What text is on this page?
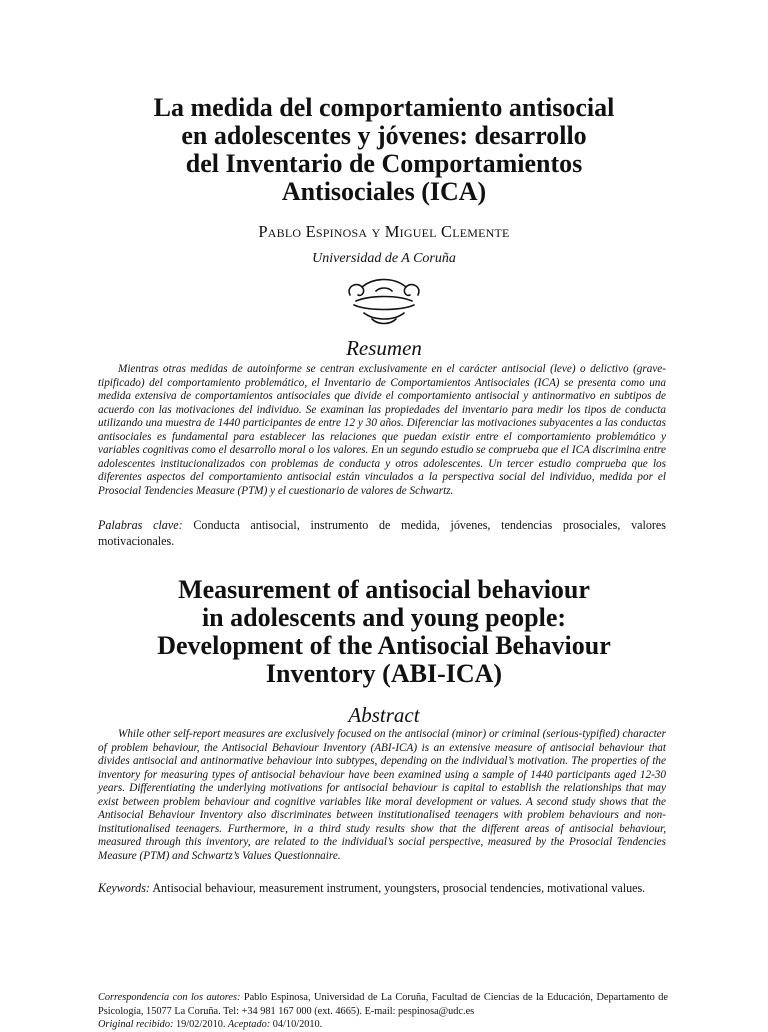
La medida del comportamiento antisocial
en adolescentes y jóvenes: desarrollo
del Inventario de Comportamientos
Antisociales (ICA)
Pablo Espinosa y Miguel Clemente
Universidad de A Coruña
Resumen

Mientras otras medidas de autoinforme se centran exclusivamente en el carácter antisocial (leve) o delictivo (grave-tipificado) del comportamiento problemático, el Inventario de Comportamientos Antisociales (ICA) se presenta como una medida extensiva de comportamientos antisociales que divide el comportamiento antisocial y antinormativo en subtipos de acuerdo con las motivaciones del individuo. Se examinan las propiedades del inventario para medir los tipos de conducta utilizando una muestra de 1440 participantes de entre 12 y 30 años. Diferenciar las motivaciones subyacentes a las conductas antisociales es fundamental para establecer las relaciones que puedan existir entre el comportamiento problemático y variables cognitivas como el desarrollo moral o los valores. En un segundo estudio se comprueba que el ICA discrimina entre adolescentes institucionalizados con problemas de conducta y otros adolescentes. Un tercer estudio comprueba que los diferentes aspectos del comportamiento antisocial están vinculados a la perspectiva social del individuo, medida por el Prosocial Tendencies Measure (PTM) y el cuestionario de valores de Schwartz.

Palabras clave: Conducta antisocial, instrumento de medida, jóvenes, tendencias prosociales, valores motivacionales.

Measurement of antisocial behaviour
in adolescents and young people:
Development of the Antisocial Behaviour
Inventory (ABI-ICA)
Abstract

While other self-report measures are exclusively focused on the antisocial (minor) or criminal (serious-typified) character of problem behaviour, the Antisocial Behaviour Inventory (ABI-ICA) is an extensive measure of antisocial behaviour that divides antisocial and antinormative behaviour into subtypes, depending on the individual’s motivation. The properties of the inventory for measuring types of antisocial behaviour have been examined using a sample of 1440 participants aged 12-30 years. Differentiating the underlying motivations for antisocial behaviour is capital to establish the relationships that may exist between problem behaviour and cognitive variables like moral development or values. A second study shows that the Antisocial Behaviour Inventory also discriminates between institutionalised teenagers with problem behaviours and non-institutionalised teenagers. Furthermore, in a third study results show that the different areas of antisocial behaviour, measured through this inventory, are related to the individual’s social perspective, measured by the Prosocial Tendencies Measure (PTM) and Schwartz’s Values Questionnaire.

Keywords: Antisocial behaviour, measurement instrument, youngsters, prosocial tendencies, motivational values.

Correspondencia con los autores: Pablo Espinosa, Universidad de La Coruña, Facultad de Ciencias de la Educación, Departamento de Psicología, 15077 La Coruña. Tel: +34 981 167 000 (ext. 4665). E-mail: pespinosa@udc.es
Original recibido: 19/02/2010. Aceptado: 04/10/2010.
